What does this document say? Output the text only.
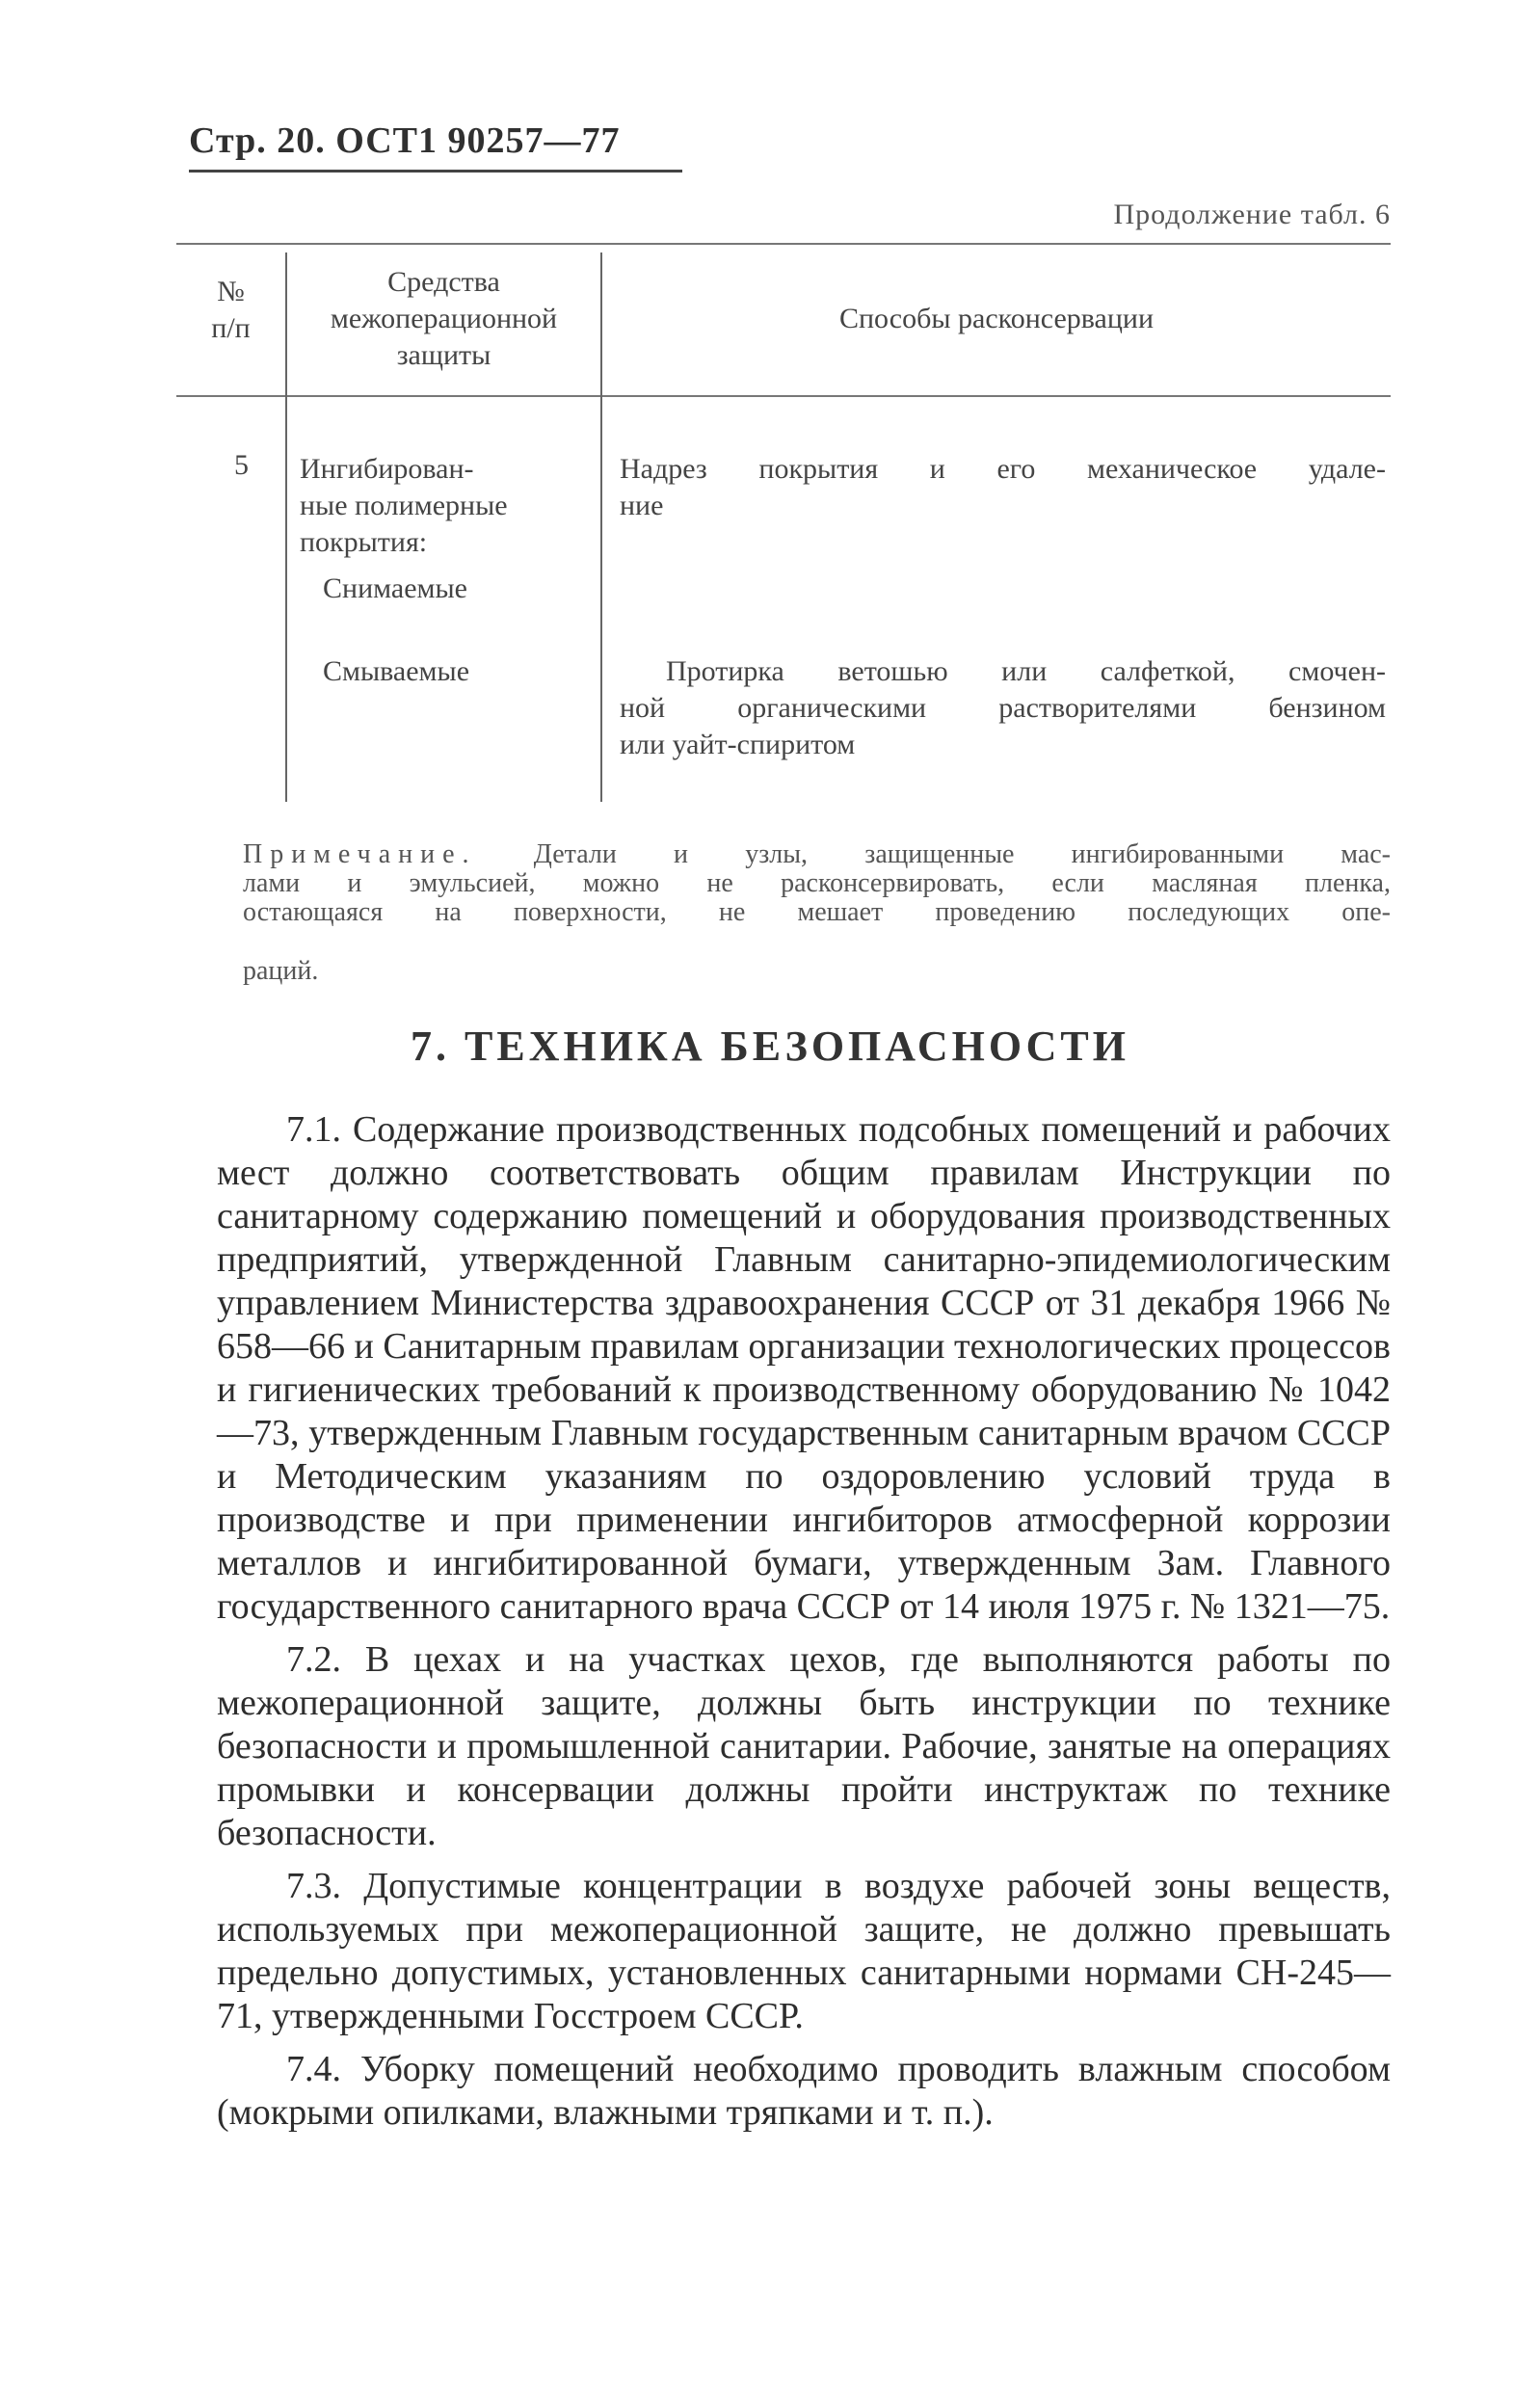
Стр. 20. ОСТ1 90257—77
Продолжение табл. 6
№
п/п
Средства
межоперационной
защиты
Способы расконсервации
5 Ингибирован-
ные полимерные
покрытия:
Снимаемые
Смываемые
Надрез покрытия и его механическое удале-
ние
Протирка ветошью или салфеткой, смочен-
ной органическими растворителями бензином
или уайт-спиритом
Примечание. Детали и узлы, защищенные ингибированными мас-
лами и эмульсией, можно не расконсервировать, если масляная пленка,
остающаяся на поверхности, не мешает проведению последующих опе-
раций.
7. ТЕХНИКА БЕЗОПАСНОСТИ

7.1. Содержание производственных подсобных помещений и рабочих мест должно соответствовать общим правилам Инструкции по санитарному содержанию помещений и оборудования производственных предприятий, утвержденной Главным санитарно-эпидемиологическим управлением Министерства здравоохранения СССР от 31 декабря 1966 № 658—66 и Санитарным правилам организации технологических процессов и гигиенических требований к производственному оборудованию № 1042—73, утвержденным Главным государственным санитарным врачом СССР и Методическим указаниям по оздоровлению условий труда в производстве и при применении ингибиторов атмосферной коррозии металлов и ингибитированной бумаги, утвержденным Зам. Главного государственного санитарного врача СССР от 14 июля 1975 г. № 1321—75.

7.2. В цехах и на участках цехов, где выполняются работы по межоперационной защите, должны быть инструкции по технике безопасности и промышленной санитарии. Рабочие, занятые на операциях промывки и консервации должны пройти инструктаж по технике безопасности.

7.3. Допустимые концентрации в воздухе рабочей зоны веществ, используемых при межоперационной защите, не должно превышать предельно допустимых, установленных санитарными нормами СН-245—71, утвержденными Госстроем СССР.

7.4. Уборку помещений необходимо проводить влажным способом (мокрыми опилками, влажными тряпками и т. п.).
